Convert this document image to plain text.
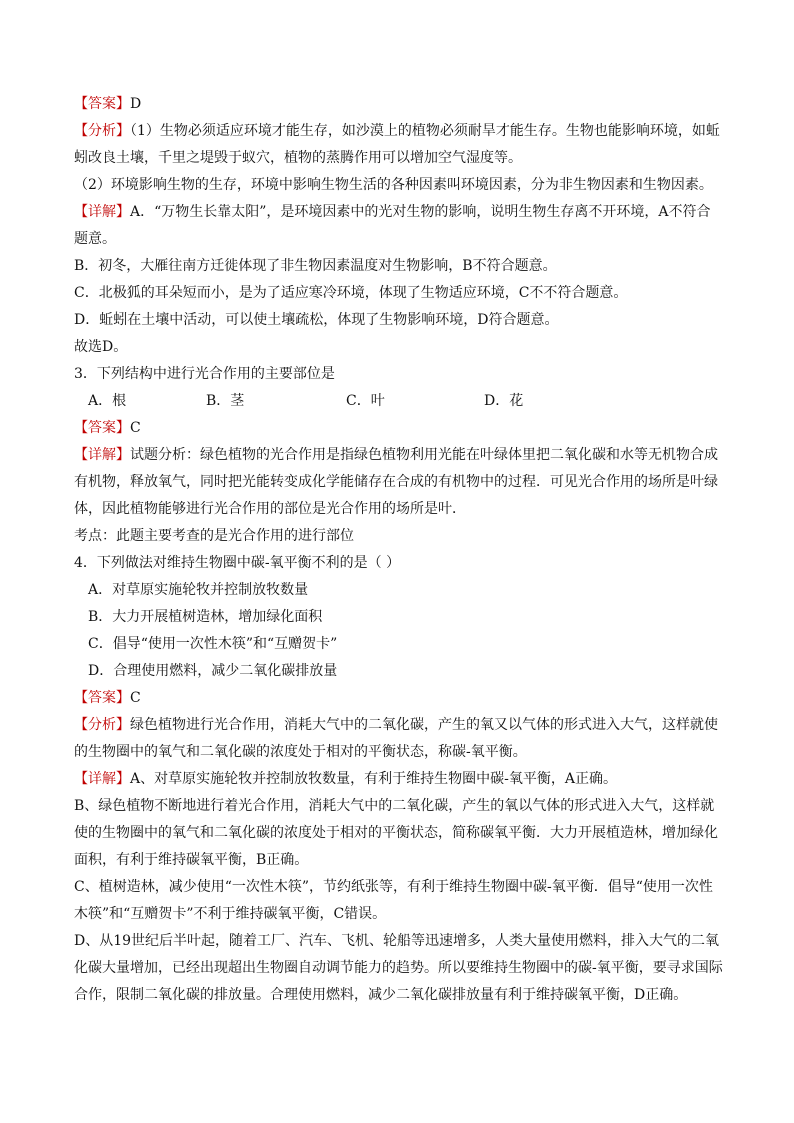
【答案】D

【分析】（1）生物必须适应环境才能生存，如沙漠上的植物必须耐旱才能生存。生物也能影响环境，如蚯蚓改良土壤，千里之堤毁于蚁穴，植物的蒸腾作用可以增加空气湿度等。

（2）环境影响生物的生存，环境中影响生物生活的各种因素叫环境因素，分为非生物因素和生物因素。

【详解】A．“万物生长靠太阳”，是环境因素中的光对生物的影响，说明生物生存离不开环境，A不符合题意。

B．初冬，大雁往南方迁徙体现了非生物因素温度对生物影响，B不符合题意。

C．北极狐的耳朵短而小，是为了适应寒冷环境，体现了生物适应环境，C不不符合题意。

D．蚯蚓在土壤中活动，可以使土壤疏松，体现了生物影响环境，D符合题意。

故选D。

3．下列结构中进行光合作用的主要部位是

A．根	B．茎	C．叶	D．花

【答案】C

【详解】试题分析：绿色植物的光合作用是指绿色植物利用光能在叶绿体里把二氧化碳和水等无机物合成有机物，释放氧气，同时把光能转变成化学能储存在合成的有机物中的过程．可见光合作用的场所是叶绿体，因此植物能够进行光合作用的部位是光合作用的场所是叶．

考点：此题主要考查的是光合作用的进行部位

4．下列做法对维持生物圈中碳-氧平衡不利的是（ ）

A．对草原实施轮牧并控制放牧数量

B．大力开展植树造林，增加绿化面积

C．倡导“使用一次性木筷”和“互赠贺卡”

D．合理使用燃料，减少二氧化碳排放量

【答案】C

【分析】绿色植物进行光合作用，消耗大气中的二氧化碳，产生的氧又以气体的形式进入大气，这样就使的生物圈中的氧气和二氧化碳的浓度处于相对的平衡状态，称碳-氧平衡。

【详解】A、对草原实施轮牧并控制放牧数量，有利于维持生物圈中碳-氧平衡，A正确。

B、绿色植物不断地进行着光合作用，消耗大气中的二氧化碳，产生的氧以气体的形式进入大气，这样就使的生物圈中的氧气和二氧化碳的浓度处于相对的平衡状态，简称碳氧平衡．大力开展植造林，增加绿化面积，有利于维持碳氧平衡，B正确。

C、植树造林，减少使用“一次性木筷”，节约纸张等，有利于维持生物圈中碳-氧平衡．倡导“使用一次性木筷”和“互赠贺卡”不利于维持碳氧平衡，C错误。

D、从19世纪后半叶起，随着工厂、汽车、飞机、轮船等迅速增多，人类大量使用燃料，排入大气的二氧化碳大量增加，已经出现超出生物圈自动调节能力的趋势。所以要维持生物圈中的碳-氧平衡，要寻求国际合作，限制二氧化碳的排放量。合理使用燃料，减少二氧化碳排放量有利于维持碳氧平衡，D正确。
